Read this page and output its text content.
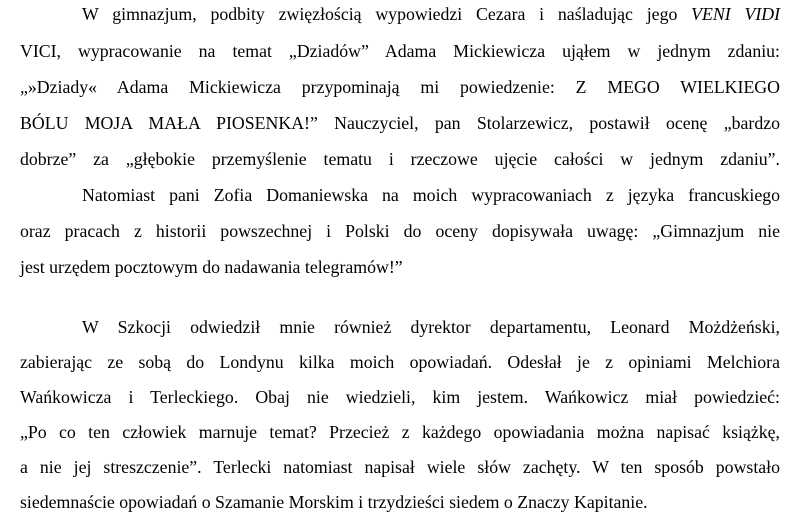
W gimnazjum, podbity zwięzłością wypowiedzi Cezara i naśladując jego VENI VIDI
VICI, wypracowanie na temat „Dziadów” Adama Mickiewicza ująłem w jednym zdaniu:
„»Dziady« Adama Mickiewicza przypominają mi powiedzenie: Z MEGO WIELKIEGO
BÓLU MOJA MAŁA PIOSENKA!” Nauczyciel, pan Stolarzewicz, postawił ocenę „bardzo
dobrze” za „głębokie przemyślenie tematu i rzeczowe ujęcie całości w jednym zdaniu”.
Natomiast pani Zofia Domaniewska na moich wypracowaniach z języka francuskiego
oraz pracach z historii powszechnej i Polski do oceny dopisywała uwagę: „Gimnazjum nie
jest urzędem pocztowym do nadawania telegramów!”
W Szkocji odwiedził mnie również dyrektor departamentu, Leonard Możdżeński,
zabierając ze sobą do Londynu kilka moich opowiadań. Odesłał je z opiniami Melchiora
Wańkowicza i Terleckiego. Obaj nie wiedzieli, kim jestem. Wańkowicz miał powiedzieć:
„Po co ten człowiek marnuje temat? Przecież z każdego opowiadania można napisać książkę,
a nie jej streszczenie”. Terlecki natomiast napisał wiele słów zachęty. W ten sposób powstało
siedemnaście opowiadań o Szamanie Morskim i trzydzieści siedem o Znaczy Kapitanie.
